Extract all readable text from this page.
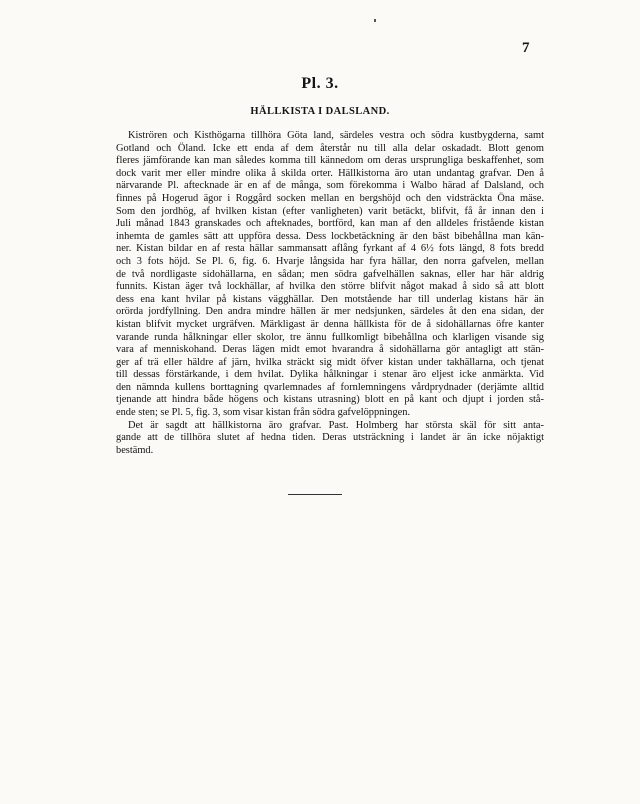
7
Pl. 3.
HÄLLKISTA I DALSLAND.
Kiströren och Kisthögarna tillhöra Göta land, särdeles vestra och södra kustbygderna, samt
Gotland och Öland. Icke ett enda af dem återstår nu till alla delar oskadadt. Blott genom
fleres jämförande kan man således komma till kännedom om deras ursprungliga beskaffenhet, som
dock varit mer eller mindre olika å skilda orter. Hällkistorna äro utan undantag grafvar. Den å
närvarande Pl. aftecknade är en af de många, som förekomma i Walbo härad af Dalsland, och
finnes på Hogerud ägor i Roggård socken mellan en bergshöjd och den vidsträckta Öna mäse.
Som den jordhög, af hvilken kistan (efter vanligheten) varit betäckt, blifvit, få år innan den i
Juli månad 1843 granskades och afteknades, bortförd, kan man af den alldeles fristående kistan
inhemta de gamles sätt att uppföra dessa. Dess lockbetäckning är den bäst bibehållna man kän-
ner. Kistan bildar en af resta hällar sammansatt aflång fyrkant af 4 6½ fots längd, 8 fots bredd
och 3 fots höjd. Se Pl. 6, fig. 6. Hvarje långsida har fyra hällar, den norra gafvelen, mellan
de två nordligaste sidohällarna, en sådan; men södra gafvelhällen saknas, eller har här aldrig
funnits. Kistan äger två lockhällar, af hvilka den större blifvit något makad å sido så att blott
dess ena kant hvilar på kistans vägghällar. Den motstående har till underlag kistans här än
orörda jordfyllning. Den andra mindre hällen är mer nedsjunken, särdeles åt den ena sidan, der
kistan blifvit mycket urgräfven. Märkligast är denna hällkista för de å sidohällarnas öfre kanter
varande runda hålkningar eller skolor, tre ännu fullkomligt bibehållna och klarligen visande sig
vara af menniskohand. Deras lägen midt emot hvarandra å sidohällarna gör antagligt att stän-
ger af trä eller häldre af järn, hvilka sträckt sig midt öfver kistan under takhällarna, och tjenat
till dessas förstärkande, i dem hvilat. Dylika hålkningar i stenar äro eljest icke anmärkta. Vid
den nämnda kullens borttagning qvarlemnades af fornlemningens vårdprydnader (derjämte alltid
tjenande att hindra både högens och kistans utrasning) blott en på kant och djupt i jorden stå-
ende sten; se Pl. 5, fig. 3, som visar kistan från södra gafvelöppningen.
Det är sagdt att hällkistorna äro grafvar. Past. Holmberg har största skäl för sitt anta-
gande att de tillhöra slutet af hedna tiden. Deras utsträckning i landet är än icke nöjaktigt
bestämd.
